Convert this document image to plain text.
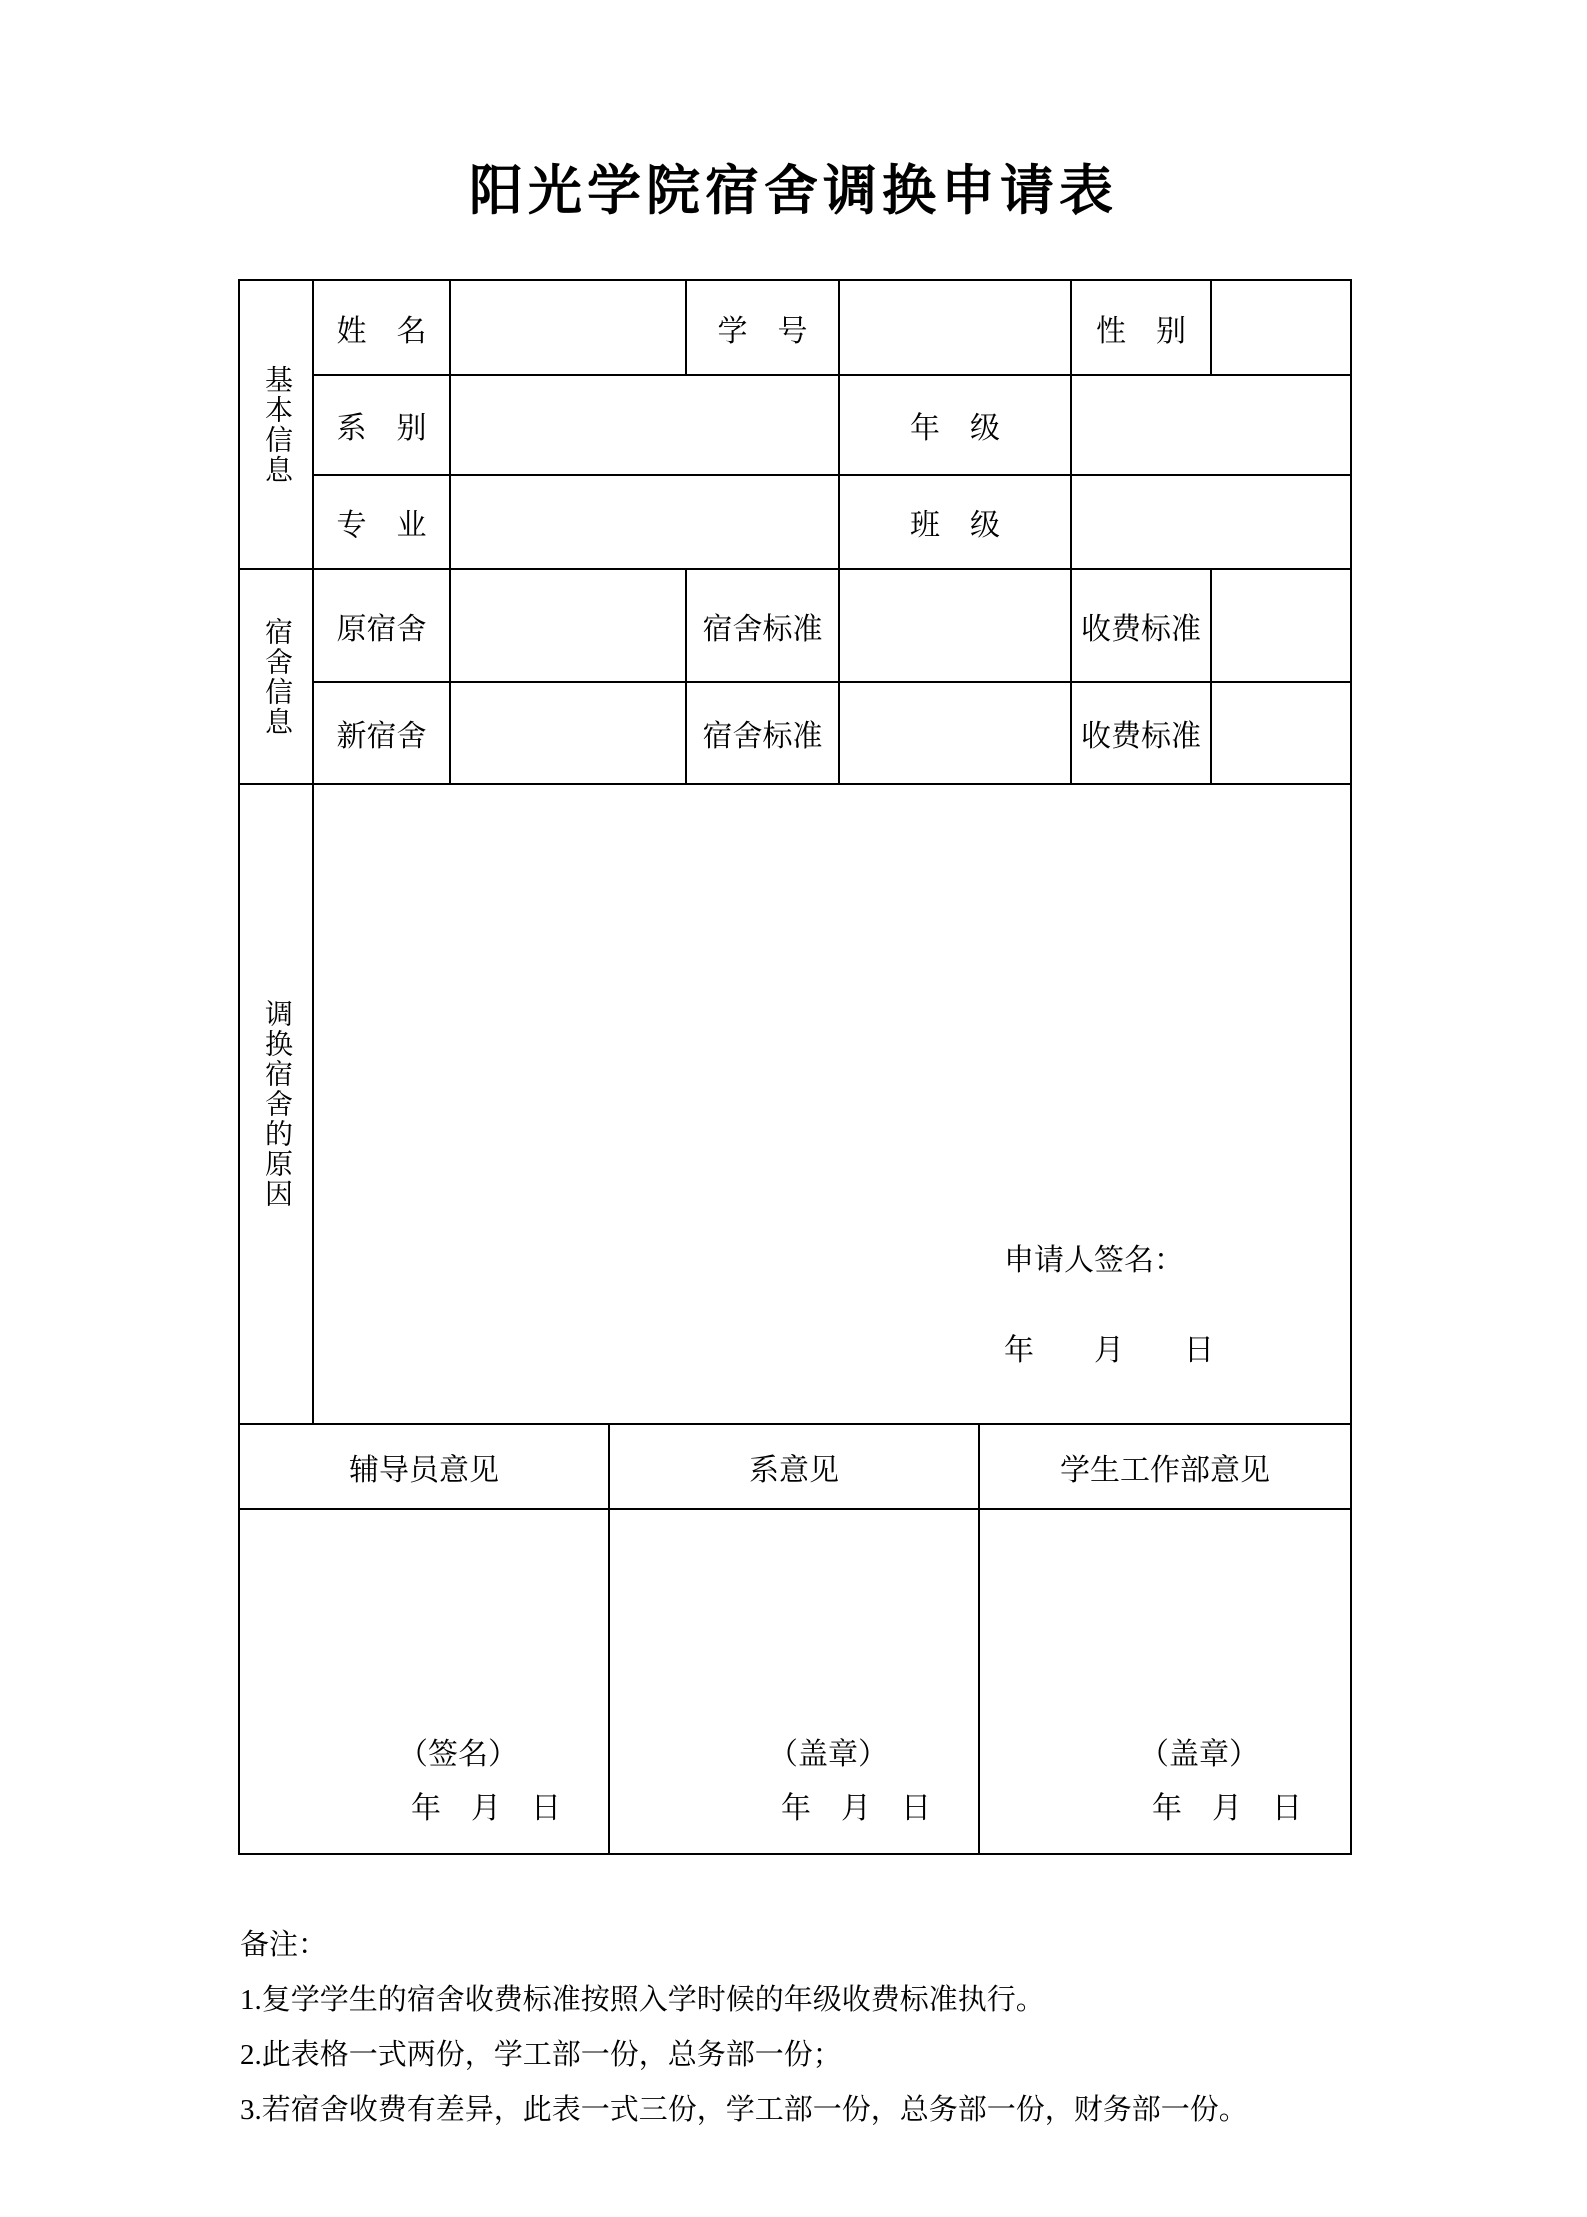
阳光学院宿舍调换申请表
基本信息
姓　名	学　号	性　别
系　别	年　级
专　业	班　级
宿舍信息	原宿舍	宿舍标准	收费标准
新宿舍	宿舍标准	收费标准
调换宿舍的原因
申请人签名：
年　　月　　日
辅导员意见	系意见	学生工作部意见
（签名）
年　月　日
（盖章）
年　月　日
（盖章）
年　月　日
备注：
1.复学学生的宿舍收费标准按照入学时候的年级收费标准执行。
2.此表格一式两份，学工部一份，总务部一份；
3.若宿舍收费有差异，此表一式三份，学工部一份，总务部一份，财务部一份。
